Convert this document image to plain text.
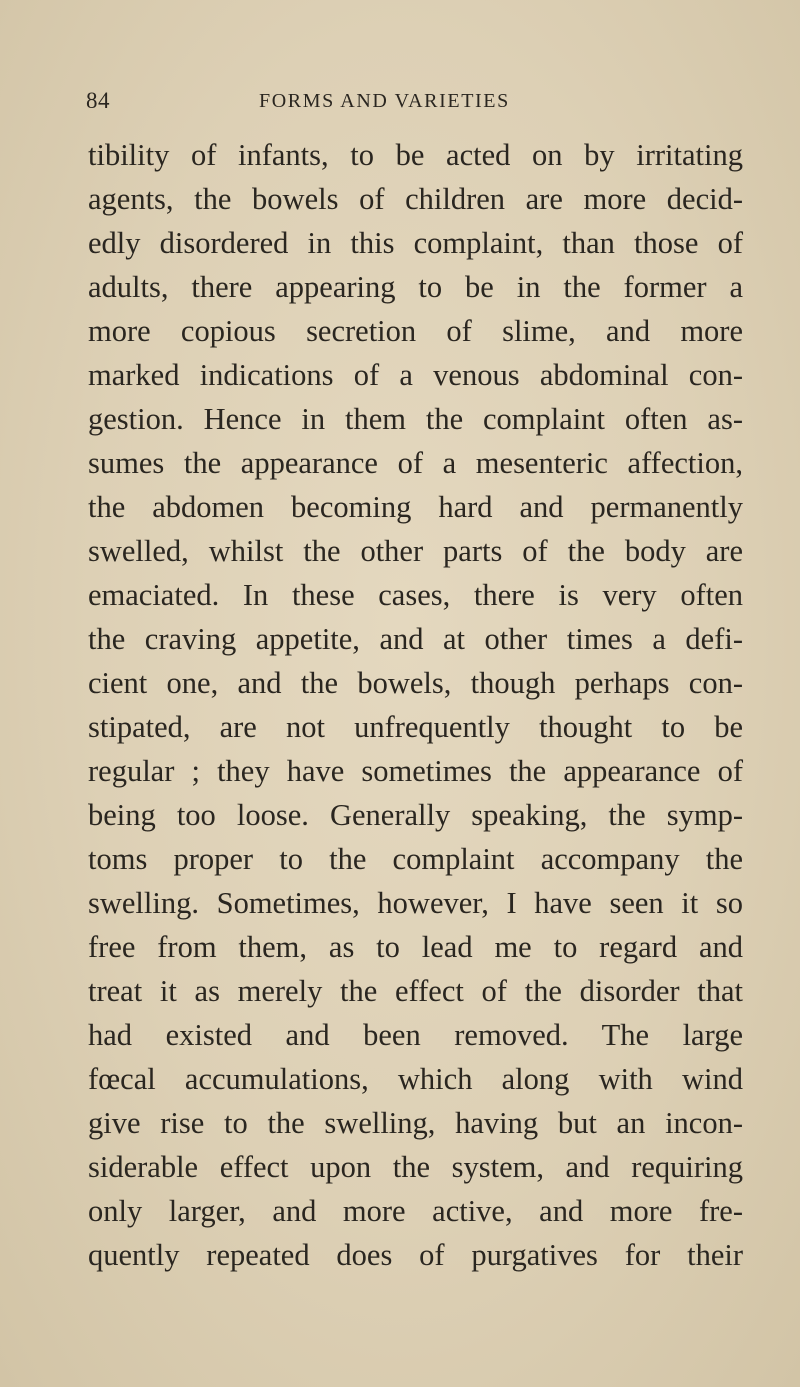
84	FORMS AND VARIETIES
tibility of infants, to be acted on by irritating
agents, the bowels of children are more decid-
edly disordered in this complaint, than those of
adults, there appearing to be in the former a
more copious secretion of slime, and more
marked indications of a venous abdominal con-
gestion. Hence in them the complaint often as-
sumes the appearance of a mesenteric affection,
the abdomen becoming hard and permanently
swelled, whilst the other parts of the body are
emaciated. In these cases, there is very often
the craving appetite, and at other times a defi-
cient one, and the bowels, though perhaps con-
stipated, are not unfrequently thought to be
regular ; they have sometimes the appearance of
being too loose. Generally speaking, the symp-
toms proper to the complaint accompany the
swelling. Sometimes, however, I have seen it so
free from them, as to lead me to regard and
treat it as merely the effect of the disorder that
had existed and been removed. The large
fœcal accumulations, which along with wind
give rise to the swelling, having but an incon-
siderable effect upon the system, and requiring
only larger, and more active, and more fre-
quently repeated does of purgatives for their
